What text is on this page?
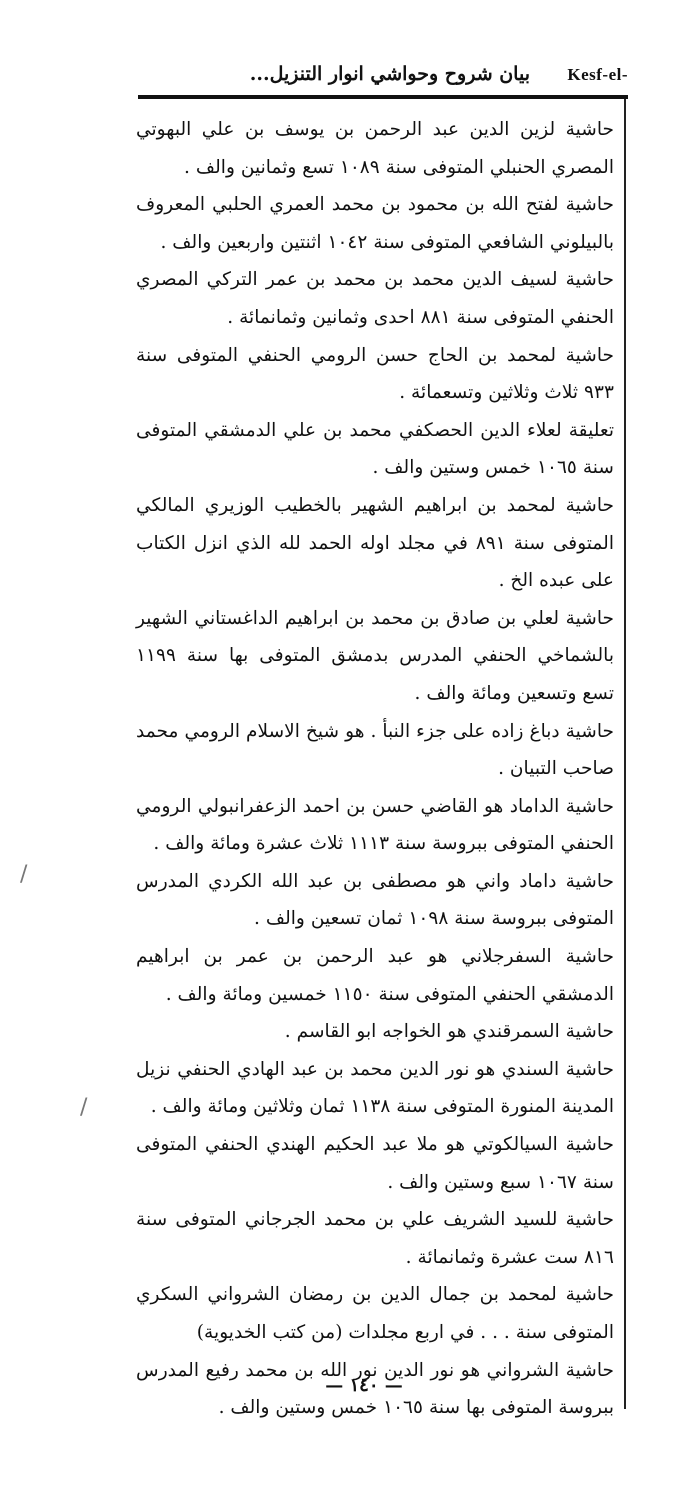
Kesf-el-
بيان شروح وحواشي انوار التنزيل...

حاشية لزين الدين عبد الرحمن بن يوسف بن علي البهوتي المصري الحنبلي المتوفى سنة ١٠٨٩ تسع وثمانين والف .

حاشية لفتح الله بن محمود بن محمد العمري الحلبي المعروف بالبيلوني الشافعي المتوفى سنة ١٠٤٢ اثنتين واربعين والف .

حاشية لسيف الدين محمد بن محمد بن عمر التركي المصري الحنفي المتوفى سنة ٨٨١ احدى وثمانين وثمانمائة .

حاشية لمحمد بن الحاج حسن الرومي الحنفي المتوفى سنة ٩٣٣ ثلاث وثلاثين وتسعمائة .

تعليقة لعلاء الدين الحصكفي محمد بن علي الدمشقي المتوفى سنة ١٠٦٥ خمس وستين والف .

حاشية لمحمد بن ابراهيم الشهير بالخطيب الوزيري المالكي المتوفى سنة ٨٩١ في مجلد اوله الحمد لله الذي انزل الكتاب على عبده الخ .

حاشية لعلي بن صادق بن محمد بن ابراهيم الداغستاني الشهير بالشماخي الحنفي المدرس بدمشق المتوفى بها سنة ١١٩٩ تسع وتسعين ومائة والف .

حاشية دباغ زاده على جزء النبأ . هو شيخ الاسلام الرومي محمد صاحب التبيان .

حاشية الداماد هو القاضي حسن بن احمد الزعفرانبولي الرومي الحنفي المتوفى ببروسة سنة ١١١٣ ثلاث عشرة ومائة والف .

حاشية داماد واني هو مصطفى بن عبد الله الكردي المدرس المتوفى ببروسة سنة ١٠٩٨ ثمان تسعين والف .

حاشية السفرجلاني هو عبد الرحمن بن عمر بن ابراهيم الدمشقي الحنفي المتوفى سنة ١١٥٠ خمسين ومائة والف .

حاشية السمرقندي هو الخواجه ابو القاسم .

حاشية السندي هو نور الدين محمد بن عبد الهادي الحنفي نزيل المدينة المنورة المتوفى سنة ١١٣٨ ثمان وثلاثين ومائة والف .

حاشية السيالكوتي هو ملا عبد الحكيم الهندي الحنفي المتوفى سنة ١٠٦٧ سبع وستين والف .

حاشية للسيد الشريف علي بن محمد الجرجاني المتوفى سنة ٨١٦ ست عشرة وثمانمائة .

حاشية لمحمد بن جمال الدين بن رمضان الشرواني السكري المتوفى سنة . . . في اربع مجلدات (من كتب الخديوية)

حاشية الشرواني هو نور الدين نور الله بن محمد رفيع المدرس ببروسة المتوفى بها سنة ١٠٦٥ خمس وستين والف .

— ١٤٠ —
/
/
